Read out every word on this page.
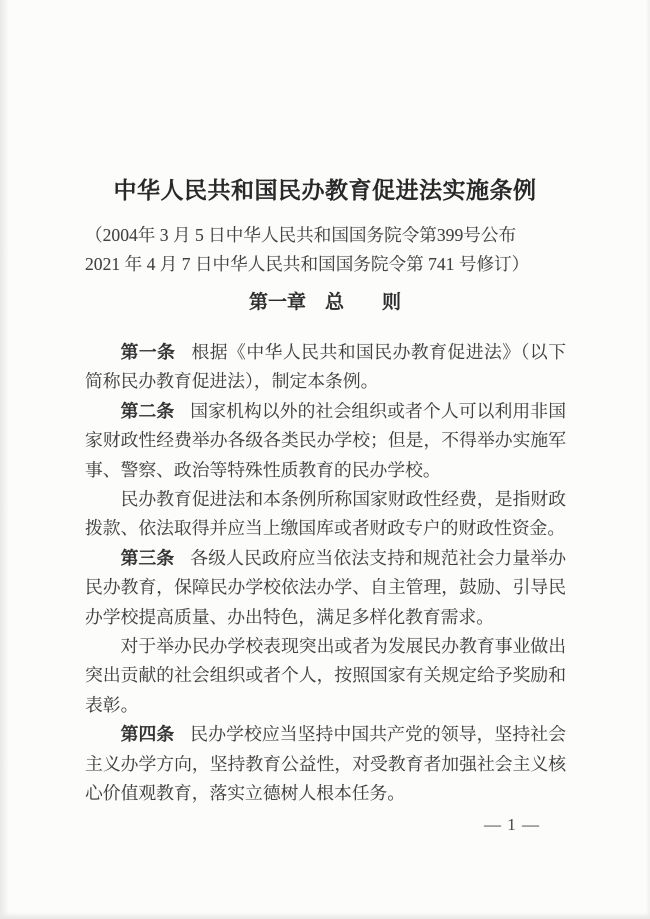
中华人民共和国民办教育促进法实施条例
（2004年 3 月 5 日中华人民共和国国务院令第399号公布
2021 年 4 月 7 日中华人民共和国国务院令第 741 号修订）
第一章　总　　则

第一条 根据《中华人民共和国民办教育促进法》（以下简称民办教育促进法），制定本条例。

第二条 国家机构以外的社会组织或者个人可以利用非国家财政性经费举办各级各类民办学校；但是，不得举办实施军事、警察、政治等特殊性质教育的民办学校。

民办教育促进法和本条例所称国家财政性经费，是指财政拨款、依法取得并应当上缴国库或者财政专户的财政性资金。

第三条 各级人民政府应当依法支持和规范社会力量举办民办教育，保障民办学校依法办学、自主管理，鼓励、引导民办学校提高质量、办出特色，满足多样化教育需求。

对于举办民办学校表现突出或者为发展民办教育事业做出突出贡献的社会组织或者个人，按照国家有关规定给予奖励和表彰。

第四条 民办学校应当坚持中国共产党的领导，坚持社会主义办学方向，坚持教育公益性，对受教育者加强社会主义核心价值观教育，落实立德树人根本任务。

— 1 —
